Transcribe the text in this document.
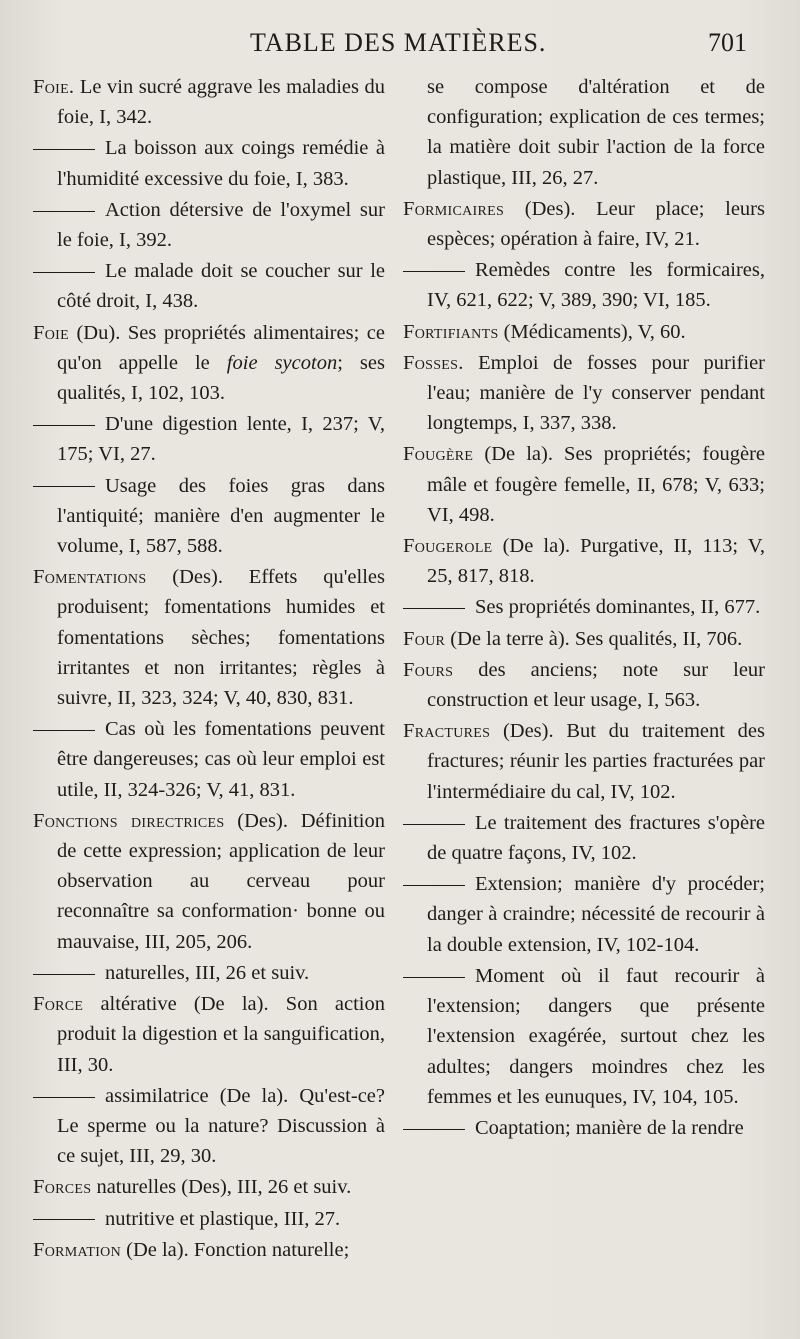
TABLE DES MATIÈRES.	701
Foie. Le vin sucré aggrave les maladies du foie, I, 342.
La boisson aux coings remédie à l'humidité excessive du foie, I, 383.
Action détersive de l'oxymel sur le foie, I, 392.
Le malade doit se coucher sur le côté droit, I, 438.
Foie (Du). Ses propriétés alimentaires; ce qu'on appelle le foie sycoton; ses qualités, I, 102, 103.
D'une digestion lente, I, 237; V, 175; VI, 27.
Usage des foies gras dans l'antiquité; manière d'en augmenter le volume, I, 587, 588.
Fomentations (Des). Effets qu'elles produisent; fomentations humides et fomentations sèches; fomentations irritantes et non irritantes; règles à suivre, II, 323, 324; V, 40, 830, 831.
Cas où les fomentations peuvent être dangereuses; cas où leur emploi est utile, II, 324-326; V, 41, 831.
Fonctions directrices (Des). Définition de cette expression; application de leur observation au cerveau pour reconnaître sa conformation· bonne ou mauvaise, III, 205, 206.
naturelles, III, 26 et suiv.
Force altérative (De la). Son action produit la digestion et la sanguification, III, 30.
assimilatrice (De la). Qu'est-ce? Le sperme ou la nature? Discussion à ce sujet, III, 29, 30.
Forces naturelles (Des), III, 26 et suiv.
nutritive et plastique, III, 27.
Formation (De la). Fonction naturelle;
se compose d'altération et de configuration; explication de ces termes; la matière doit subir l'action de la force plastique, III, 26, 27.
Formicaires (Des). Leur place; leurs espèces; opération à faire, IV, 21.
Remèdes contre les formicaires, IV, 621, 622; V, 389, 390; VI, 185.
Fortifiants (Médicaments), V, 60.
Fosses. Emploi de fosses pour purifier l'eau; manière de l'y conserver pendant longtemps, I, 337, 338.
Fougère (De la). Ses propriétés; fougère mâle et fougère femelle, II, 678; V, 633; VI, 498.
Fougerole (De la). Purgative, II, 113; V, 25, 817, 818.
Ses propriétés dominantes, II, 677.
Four (De la terre à). Ses qualités, II, 706.
Fours des anciens; note sur leur construction et leur usage, I, 563.
Fractures (Des). But du traitement des fractures; réunir les parties fracturées par l'intermédiaire du cal, IV, 102.
Le traitement des fractures s'opère de quatre façons, IV, 102.
Extension; manière d'y procéder; danger à craindre; nécessité de recourir à la double extension, IV, 102-104.
Moment où il faut recourir à l'extension; dangers que présente l'extension exagérée, surtout chez les adultes; dangers moindres chez les femmes et les eunuques, IV, 104, 105.
Coaptation; manière de la rendre
